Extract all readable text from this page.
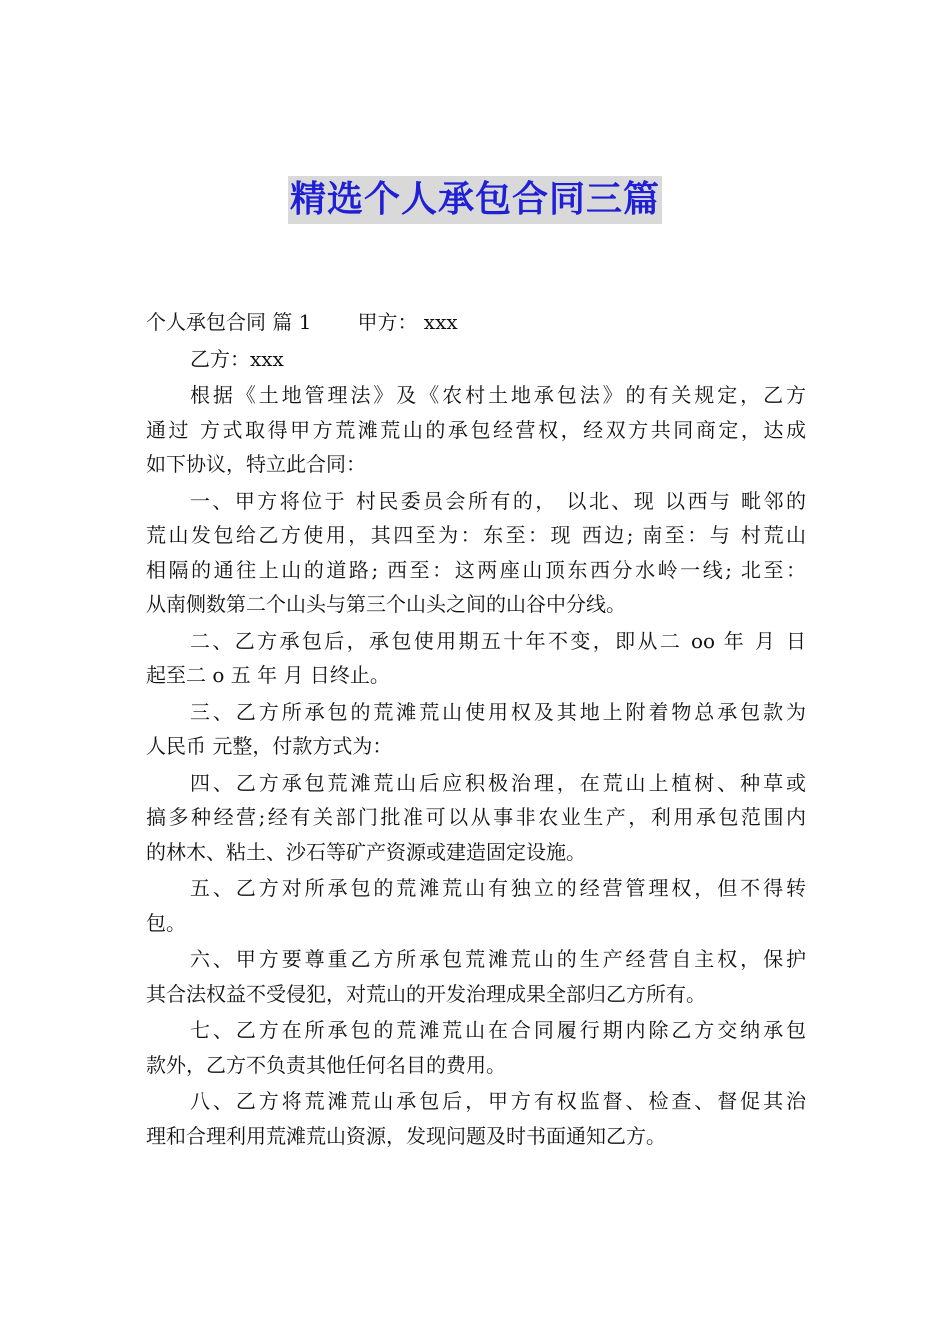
精选个人承包合同三篇
个人承包合同 篇 1 甲方： xxx
乙方：xxx
根据《土地管理法》及《农村土地承包法》的有关规定，乙方
通过 方式取得甲方荒滩荒山的承包经营权，经双方共同商定，达成
如下协议，特立此合同：
一、甲方将位于 村民委员会所有的， 以北、现 以西与 毗邻的
荒山发包给乙方使用，其四至为：东至：现 西边; 南至：与 村荒山
相隔的通往上山的道路; 西至：这两座山顶东西分水岭一线; 北至：
从南侧数第二个山头与第三个山头之间的山谷中分线。
二、乙方承包后，承包使用期五十年不变，即从二 oo 年 月 日
起至二 o 五 年 月 日终止。
三、乙方所承包的荒滩荒山使用权及其地上附着物总承包款为
人民币 元整，付款方式为：
四、乙方承包荒滩荒山后应积极治理，在荒山上植树、种草或
搞多种经营;经有关部门批准可以从事非农业生产，利用承包范围内
的林木、粘土、沙石等矿产资源或建造固定设施。
五、乙方对所承包的荒滩荒山有独立的经营管理权，但不得转
包。
六、甲方要尊重乙方所承包荒滩荒山的生产经营自主权，保护
其合法权益不受侵犯，对荒山的开发治理成果全部归乙方所有。
七、乙方在所承包的荒滩荒山在合同履行期内除乙方交纳承包
款外，乙方不负责其他任何名目的费用。
八、乙方将荒滩荒山承包后，甲方有权监督、检查、督促其治
理和合理利用荒滩荒山资源，发现问题及时书面通知乙方。
